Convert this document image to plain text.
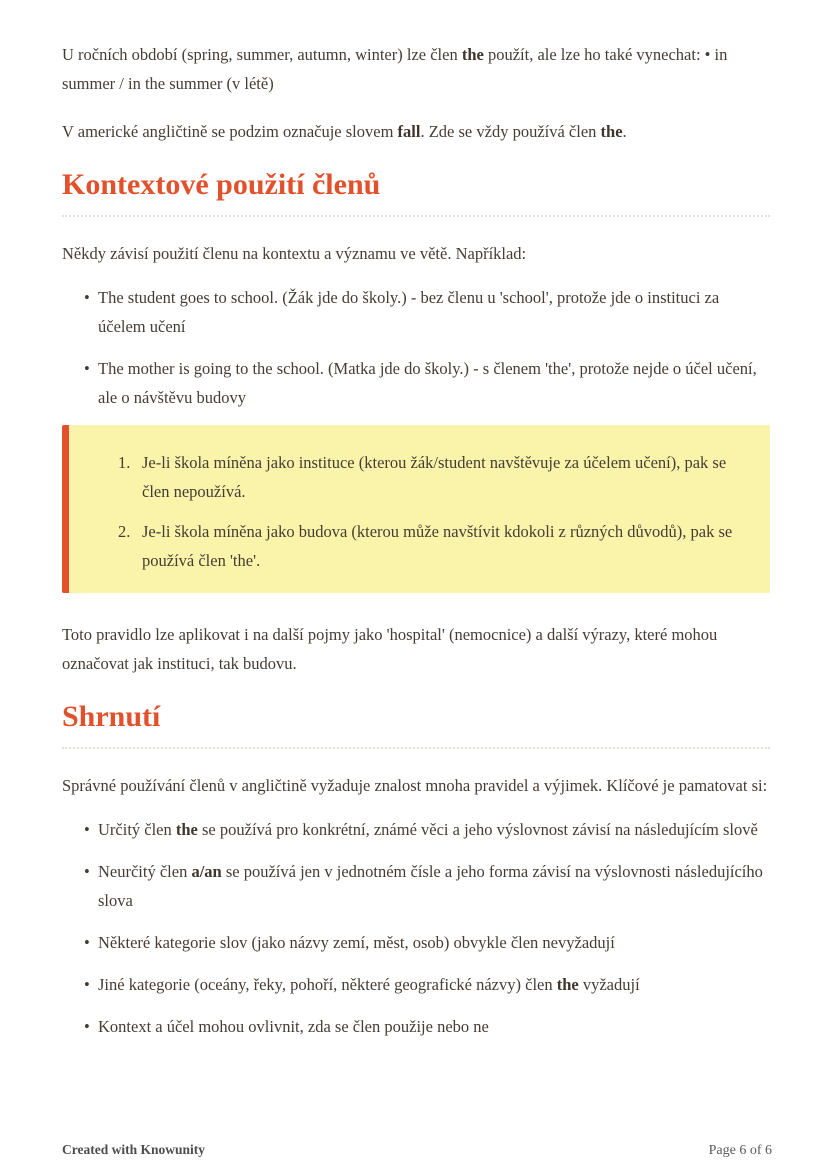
U ročních období (spring, summer, autumn, winter) lze člen the použít, ale lze ho také vynechat: • in summer / in the summer (v létě)

V americké angličtině se podzim označuje slovem fall. Zde se vždy používá člen the.

Kontextové použití členů

Někdy závisí použití členu na kontextu a významu ve větě. Například:

• The student goes to school. (Žák jde do školy.) - bez členu u 'school', protože jde o instituci za účelem učení
• The mother is going to the school. (Matka jde do školy.) - s členem 'the', protože nejde o účel učení, ale o návštěvu budovy
1. Je-li škola míněna jako instituce (kterou žák/student navštěvuje za účelem učení), pak se člen nepoužívá.
2. Je-li škola míněna jako budova (kterou může navštívit kdokoli z různých důvodů), pak se používá člen 'the'.

Toto pravidlo lze aplikovat i na další pojmy jako 'hospital' (nemocnice) a další výrazy, které mohou označovat jak instituci, tak budovu.

Shrnutí

Správné používání členů v angličtině vyžaduje znalost mnoha pravidel a výjimek. Klíčové je pamatovat si:

• Určitý člen the se používá pro konkrétní, známé věci a jeho výslovnost závisí na následujícím slově
• Neurčitý člen a/an se používá jen v jednotném čísle a jeho forma závisí na výslovnosti následujícího slova
• Některé kategorie slov (jako názvy zemí, měst, osob) obvykle člen nevyžadují
• Jiné kategorie (oceány, řeky, pohoří, některé geografické názvy) člen the vyžadují
• Kontext a účel mohou ovlivnit, zda se člen použije nebo ne
Created with Knowunity	Page 6 of 6
